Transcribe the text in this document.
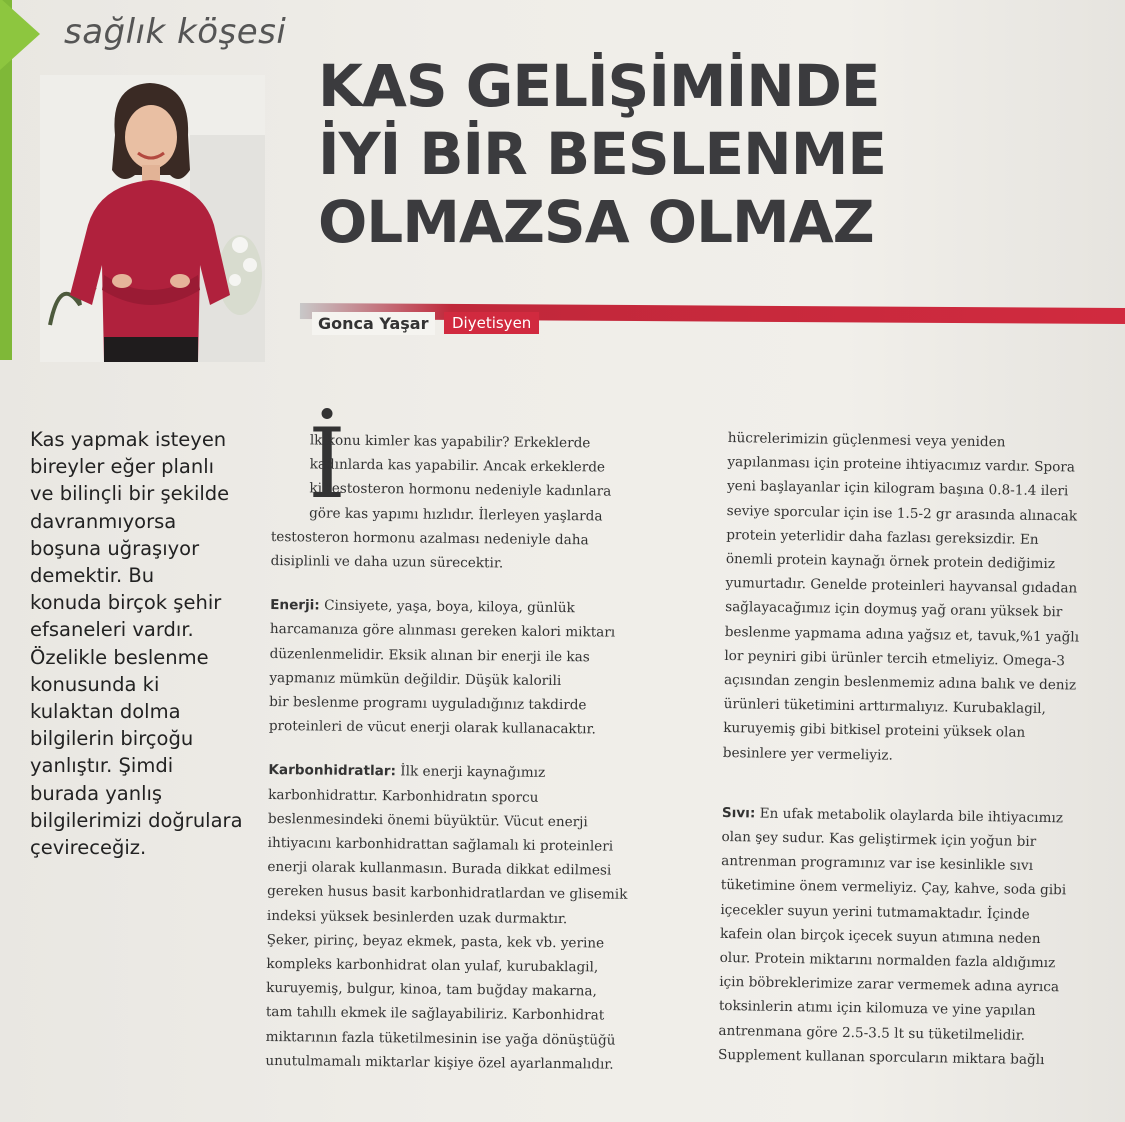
sağlık köşesi
KAS GELİŞİMİNDE
İYİ BİR BESLENME
OLMAZSA OLMAZ
Gonca Yaşar	Diyetisyen
Kas yapmak isteyen
bireyler eğer planlı
ve bilinçli bir şekilde
davranmıyorsa
boşuna uğraşıyor
demektir. Bu
konuda birçok şehir
efsaneleri vardır.
Özelikle beslenme
konusunda ki
kulaktan dolma
bilgilerin birçoğu
yanlıştır. Şimdi
burada yanlış
bilgilerimizi doğrulara
çevireceğiz.
İ
lk konu kimler kas yapabilir? Erkeklerde
kadınlarda kas yapabilir. Ancak erkeklerde
ki testosteron hormonu nedeniyle kadınlara
göre kas yapımı hızlıdır. İlerleyen yaşlarda
testosteron hormonu azalması nedeniyle daha
disiplinli ve daha uzun sürecektir.
Enerji: Cinsiyete, yaşa, boya, kiloya, günlük
harcamanıza göre alınması gereken kalori miktarı
düzenlenmelidir. Eksik alınan bir enerji ile kas
yapmanız mümkün değildir. Düşük kalorili
bir beslenme programı uyguladığınız takdirde
proteinleri de vücut enerji olarak kullanacaktır.
Karbonhidratlar: İlk enerji kaynağımız
karbonhidrattır. Karbonhidratın sporcu
beslenmesindeki önemi büyüktür. Vücut enerji
ihtiyacını karbonhidrattan sağlamalı ki proteinleri
enerji olarak kullanmasın. Burada dikkat edilmesi
gereken husus basit karbonhidratlardan ve glisemik
indeksi yüksek besinlerden uzak durmaktır.
Şeker, pirinç, beyaz ekmek, pasta, kek vb. yerine
kompleks karbonhidrat olan yulaf, kurubaklagil,
kuruyemiş, bulgur, kinoa, tam buğday makarna,
tam tahıllı ekmek ile sağlayabiliriz. Karbonhidrat
miktarının fazla tüketilmesinin ise yağa dönüştüğü
unutulmamalı miktarlar kişiye özel ayarlanmalıdır.
hücrelerimizin güçlenmesi veya yeniden
yapılanması için proteine ihtiyacımız vardır. Spora
yeni başlayanlar için kilogram başına 0.8-1.4 ileri
seviye sporcular için ise 1.5-2 gr arasında alınacak
protein yeterlidir daha fazlası gereksizdir. En
önemli protein kaynağı örnek protein dediğimiz
yumurtadır. Genelde proteinleri hayvansal gıdadan
sağlayacağımız için doymuş yağ oranı yüksek bir
beslenme yapmama adına yağsız et, tavuk,%1 yağlı
lor peyniri gibi ürünler tercih etmeliyiz. Omega-3
açısından zengin beslenmemiz adına balık ve deniz
ürünleri tüketimini arttırmalıyız. Kurubaklagil,
kuruyemiş gibi bitkisel proteini yüksek olan
besinlere yer vermeliyiz.
Sıvı: En ufak metabolik olaylarda bile ihtiyacımız
olan şey sudur. Kas geliştirmek için yoğun bir
antrenman programınız var ise kesinlikle sıvı
tüketimine önem vermeliyiz. Çay, kahve, soda gibi
içecekler suyun yerini tutmamaktadır. İçinde
kafein olan birçok içecek suyun atımına neden
olur. Protein miktarını normalden fazla aldığımız
için böbreklerimize zarar vermemek adına ayrıca
toksinlerin atımı için kilomuza ve yine yapılan
antrenmana göre 2.5-3.5 lt su tüketilmelidir.
Supplement kullanan sporcuların miktara bağlı
